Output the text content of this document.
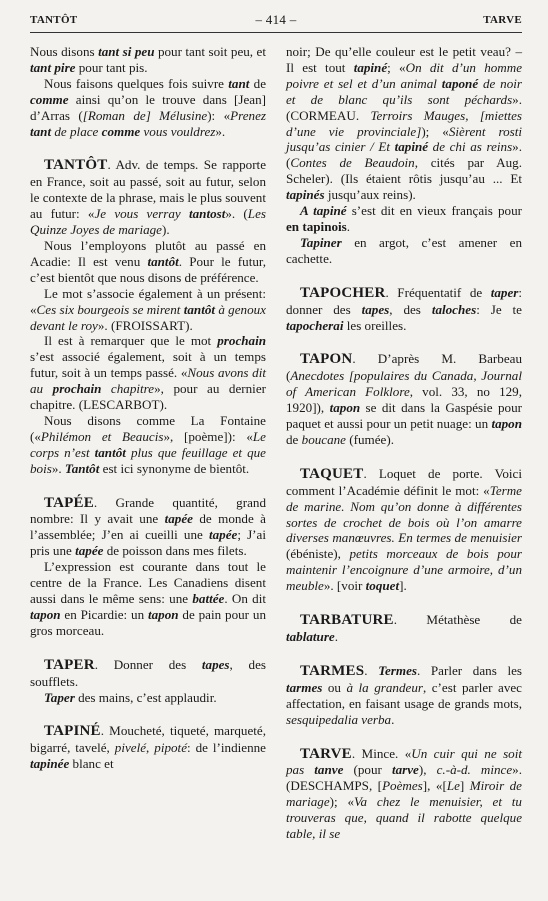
TANTÔT	– 414 –	TARVE

Nous disons tant si peu pour tant soit peu, et tant pire pour tant pis.

Nous faisons quelques fois suivre tant de comme ainsi qu’on le trouve dans [Jean] d’Arras ([Roman de] Mélusine): «Prenez tant de place comme vous vouldrez».

TANTÔT. Adv. de temps. Se rapporte en France, soit au passé, soit au futur, selon le contexte de la phrase, mais le plus souvent au futur: «Je vous verray tantost». (Les Quinze Joyes de mariage).

Nous l’employons plutôt au passé en Acadie: Il est venu tantôt. Pour le futur, c’est bientôt que nous disons de préférence.

Le mot s’associe également à un présent: «Ces six bourgeois se mirent tantôt à genoux devant le roy». (FROISSART).

Il est à remarquer que le mot prochain s’est associé également, soit à un temps futur, soit à un temps passé. «Nous avons dit au prochain chapitre», pour au dernier chapitre. (LESCARBOT).

Nous disons comme La Fontaine («Philémon et Beaucis», [poème]): «Le corps n’est tantôt plus que feuillage et que bois». Tantôt est ici synonyme de bientôt.

TAPÉE. Grande quantité, grand nombre: Il y avait une tapée de monde à l’assemblée; J’en ai cueilli une tapée; J’ai pris une tapée de poisson dans mes filets.

L’expression est courante dans tout le centre de la France. Les Canadiens disent aussi dans le même sens: une battée. On dit tapon en Picardie: un tapon de pain pour un gros morceau.

TAPER. Donner des tapes, des soufflets.

Taper des mains, c’est applaudir.

TAPINÉ. Moucheté, tiqueté, marqueté, bigarré, tavelé, pivelé, pipoté: de l’indienne tapinée blanc et

noir; De qu’elle couleur est le petit veau? – Il est tout tapiné; «On dit d’un homme poivre et sel et d’un animal taponé de noir et de blanc qu’ils sont péchards». (CORMEAU. Terroirs Mauges, [miettes d’une vie provinciale]); «Sièrent rosti jusqu’as cinier / Et tapiné de chi as reins». (Contes de Beaudoin, cités par Aug. Scheler). (Ils étaient rôtis jusqu’au ... Et tapinés jusqu’aux reins).

A tapiné s’est dit en vieux français pour en tapinois.

Tapiner en argot, c’est amener en cachette.

TAPOCHER. Fréquentatif de taper: donner des tapes, des taloches: Je te tapocherai les oreilles.

TAPON. D’après M. Barbeau (Anecdotes [populaires du Canada, Journal of American Folklore, vol. 33, no 129, 1920]), tapon se dit dans la Gaspésie pour paquet et aussi pour un petit nuage: un tapon de boucane (fumée).

TAQUET. Loquet de porte. Voici comment l’Académie définit le mot: «Terme de marine. Nom qu’on donne à différentes sortes de crochet de bois où l’on amarre diverses manœuvres. En termes de menuisier (ébéniste), petits morceaux de bois pour maintenir l’encoignure d’une armoire, d’un meuble». [voir toquet].

TARBATURE. Métathèse de tablature.

TARMES. Termes. Parler dans les tarmes ou à la grandeur, c’est parler avec affectation, en faisant usage de grands mots, sesquipedalia verba.

TARVE. Mince. «Un cuir qui ne soit pas tanve (pour tarve), c.-à-d. mince». (DESCHAMPS, [Poèmes], «[Le] Miroir de mariage); «Va chez le menuisier, et tu trouveras que, quand il rabotte quelque table, il se
